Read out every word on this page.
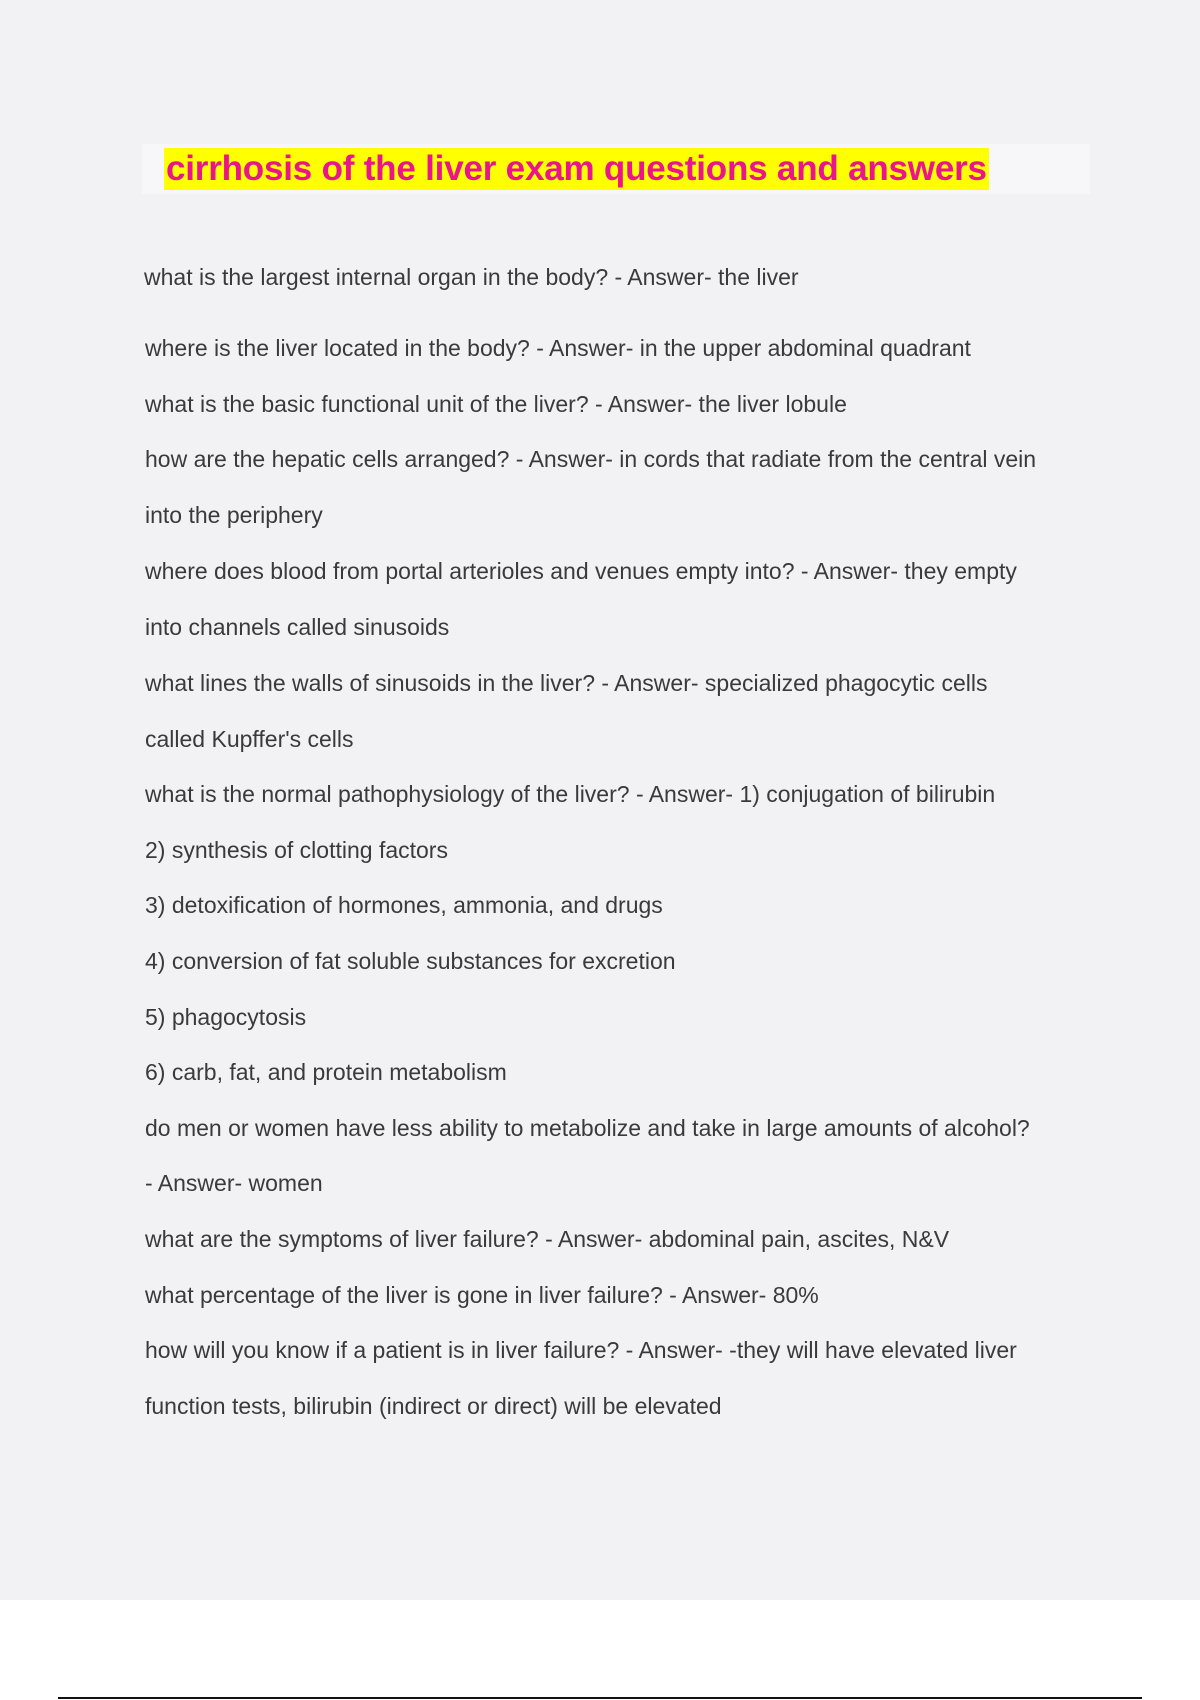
cirrhosis of the liver exam questions and answers

what is the largest internal organ in the body? - Answer- the liver

where is the liver located in the body? - Answer- in the upper abdominal quadrant

what is the basic functional unit of the liver? - Answer- the liver lobule

how are the hepatic cells arranged? - Answer- in cords that radiate from the central vein

into the periphery

where does blood from portal arterioles and venues empty into? - Answer- they empty

into channels called sinusoids

what lines the walls of sinusoids in the liver? - Answer- specialized phagocytic cells

called Kupffer's cells

what is the normal pathophysiology of the liver? - Answer- 1) conjugation of bilirubin

2) synthesis of clotting factors

3) detoxification of hormones, ammonia, and drugs

4) conversion of fat soluble substances for excretion

5) phagocytosis

6) carb, fat, and protein metabolism

do men or women have less ability to metabolize and take in large amounts of alcohol?

- Answer- women

what are the symptoms of liver failure? - Answer- abdominal pain, ascites, N&V

what percentage of the liver is gone in liver failure? - Answer- 80%

how will you know if a patient is in liver failure? - Answer- -they will have elevated liver

function tests, bilirubin (indirect or direct) will be elevated
